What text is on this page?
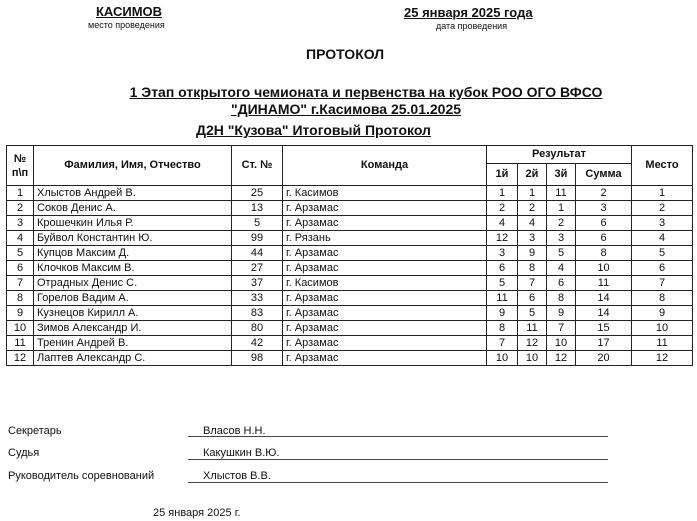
КАСИМОВ
место проведения
25 января 2025 года
дата проведения
ПРОТОКОЛ
1 Этап открытого чемионата и первенства на кубок РОО ОГО ВФСО
"ДИНАМО" г.Касимова 25.01.2025
Д2Н "Кузова" Итоговый Протокол
№ п\п	Фамилия, Имя, Отчество	Ст. №	Команда	Результат				Место
				1й	2й	3й	Сумма	
1	Хлыстов Андрей В.	25	г. Касимов	1	1	11	2	1
2	Соков Денис А.	13	г. Арзамас	2	2	1	3	2
3	Крошечкин Илья Р.	5	г. Арзамас	4	4	2	6	3
4	Буйвол Константин Ю.	99	г. Рязань	12	3	3	6	4
5	Купцов Максим Д.	44	г. Арзамас	3	9	5	8	5
6	Клочков Максим В.	27	г. Арзамас	6	8	4	10	6
7	Отрадных Денис С.	37	г. Касимов	5	7	6	11	7
8	Горелов Вадим А.	33	г. Арзамас	11	6	8	14	8
9	Кузнецов Кирилл А.	83	г. Арзамас	9	5	9	14	9
10	Зимов Александр И.	80	г. Арзамас	8	11	7	15	10
11	Тренин Андрей В.	42	г. Арзамас	7	12	10	17	11
12	Лаптев Александр С.	98	г. Арзамас	10	10	12	20	12
Секретарь	Власов Н.Н.
Судья	Какушкин В.Ю.
Руководитель соревнований	Хлыстов В.В.
25 января 2025 г.
